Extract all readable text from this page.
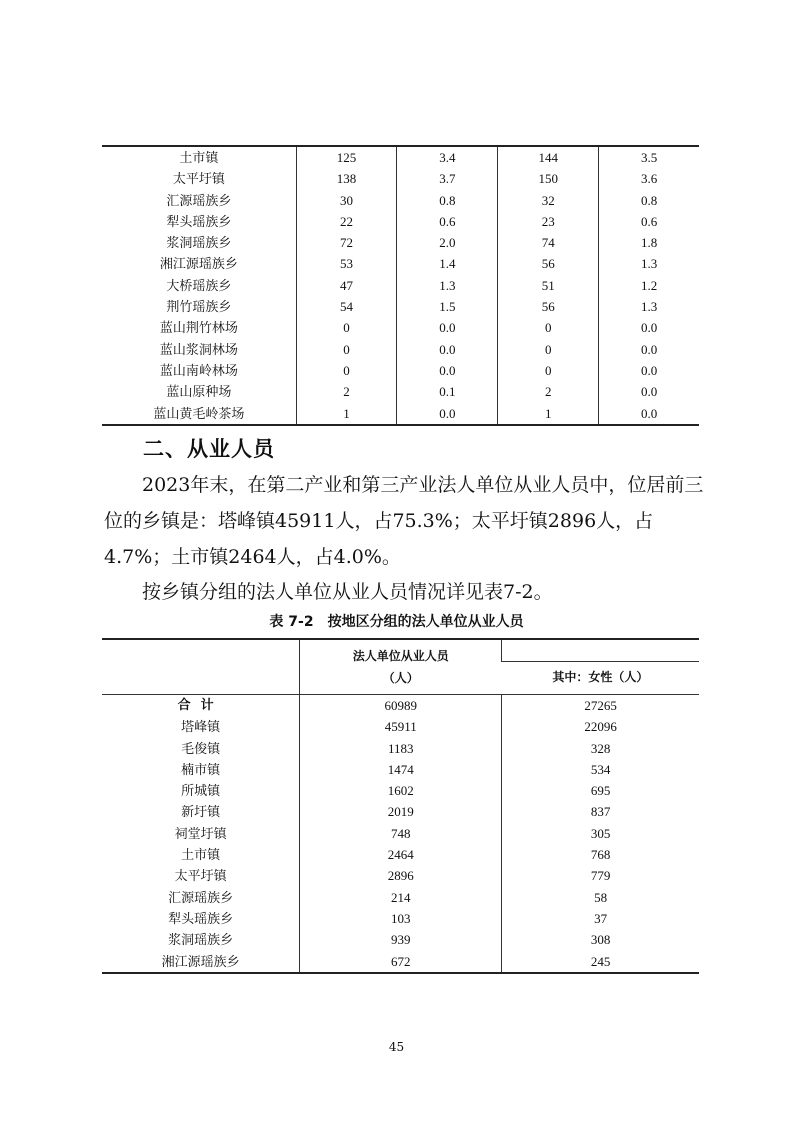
土市镇	125	3.4	144	3.5
太平圩镇	138	3.7	150	3.6
汇源瑶族乡	30	0.8	32	0.8
犁头瑶族乡	22	0.6	23	0.6
浆洞瑶族乡	72	2.0	74	1.8
湘江源瑶族乡	53	1.4	56	1.3
大桥瑶族乡	47	1.3	51	1.2
荆竹瑶族乡	54	1.5	56	1.3
蓝山荆竹林场	0	0.0	0	0.0
蓝山浆洞林场	0	0.0	0	0.0
蓝山南岭林场	0	0.0	0	0.0
蓝山原种场	2	0.1	2	0.0
蓝山黄毛岭茶场	1	0.0	1	0.0
二、从业人员
2023年末，在第二产业和第三产业法人单位从业人员中，位居前三位的乡镇是：塔峰镇45911人，占75.3%；太平圩镇2896人，占4.7%；土市镇2464人，占4.0%。
按乡镇分组的法人单位从业人员情况详见表7-2。
表 7-2　按地区分组的法人单位从业人员

	法人单位从业人员
（人）	

		其中：女性（人）
合计	60989	27265
塔峰镇	45911	22096
毛俊镇	1183	328
楠市镇	1474	534
所城镇	1602	695
新圩镇	2019	837
祠堂圩镇	748	305
土市镇	2464	768
太平圩镇	2896	779
汇源瑶族乡	214	58
犁头瑶族乡	103	37
浆洞瑶族乡	939	308
湘江源瑶族乡	672	245
45
